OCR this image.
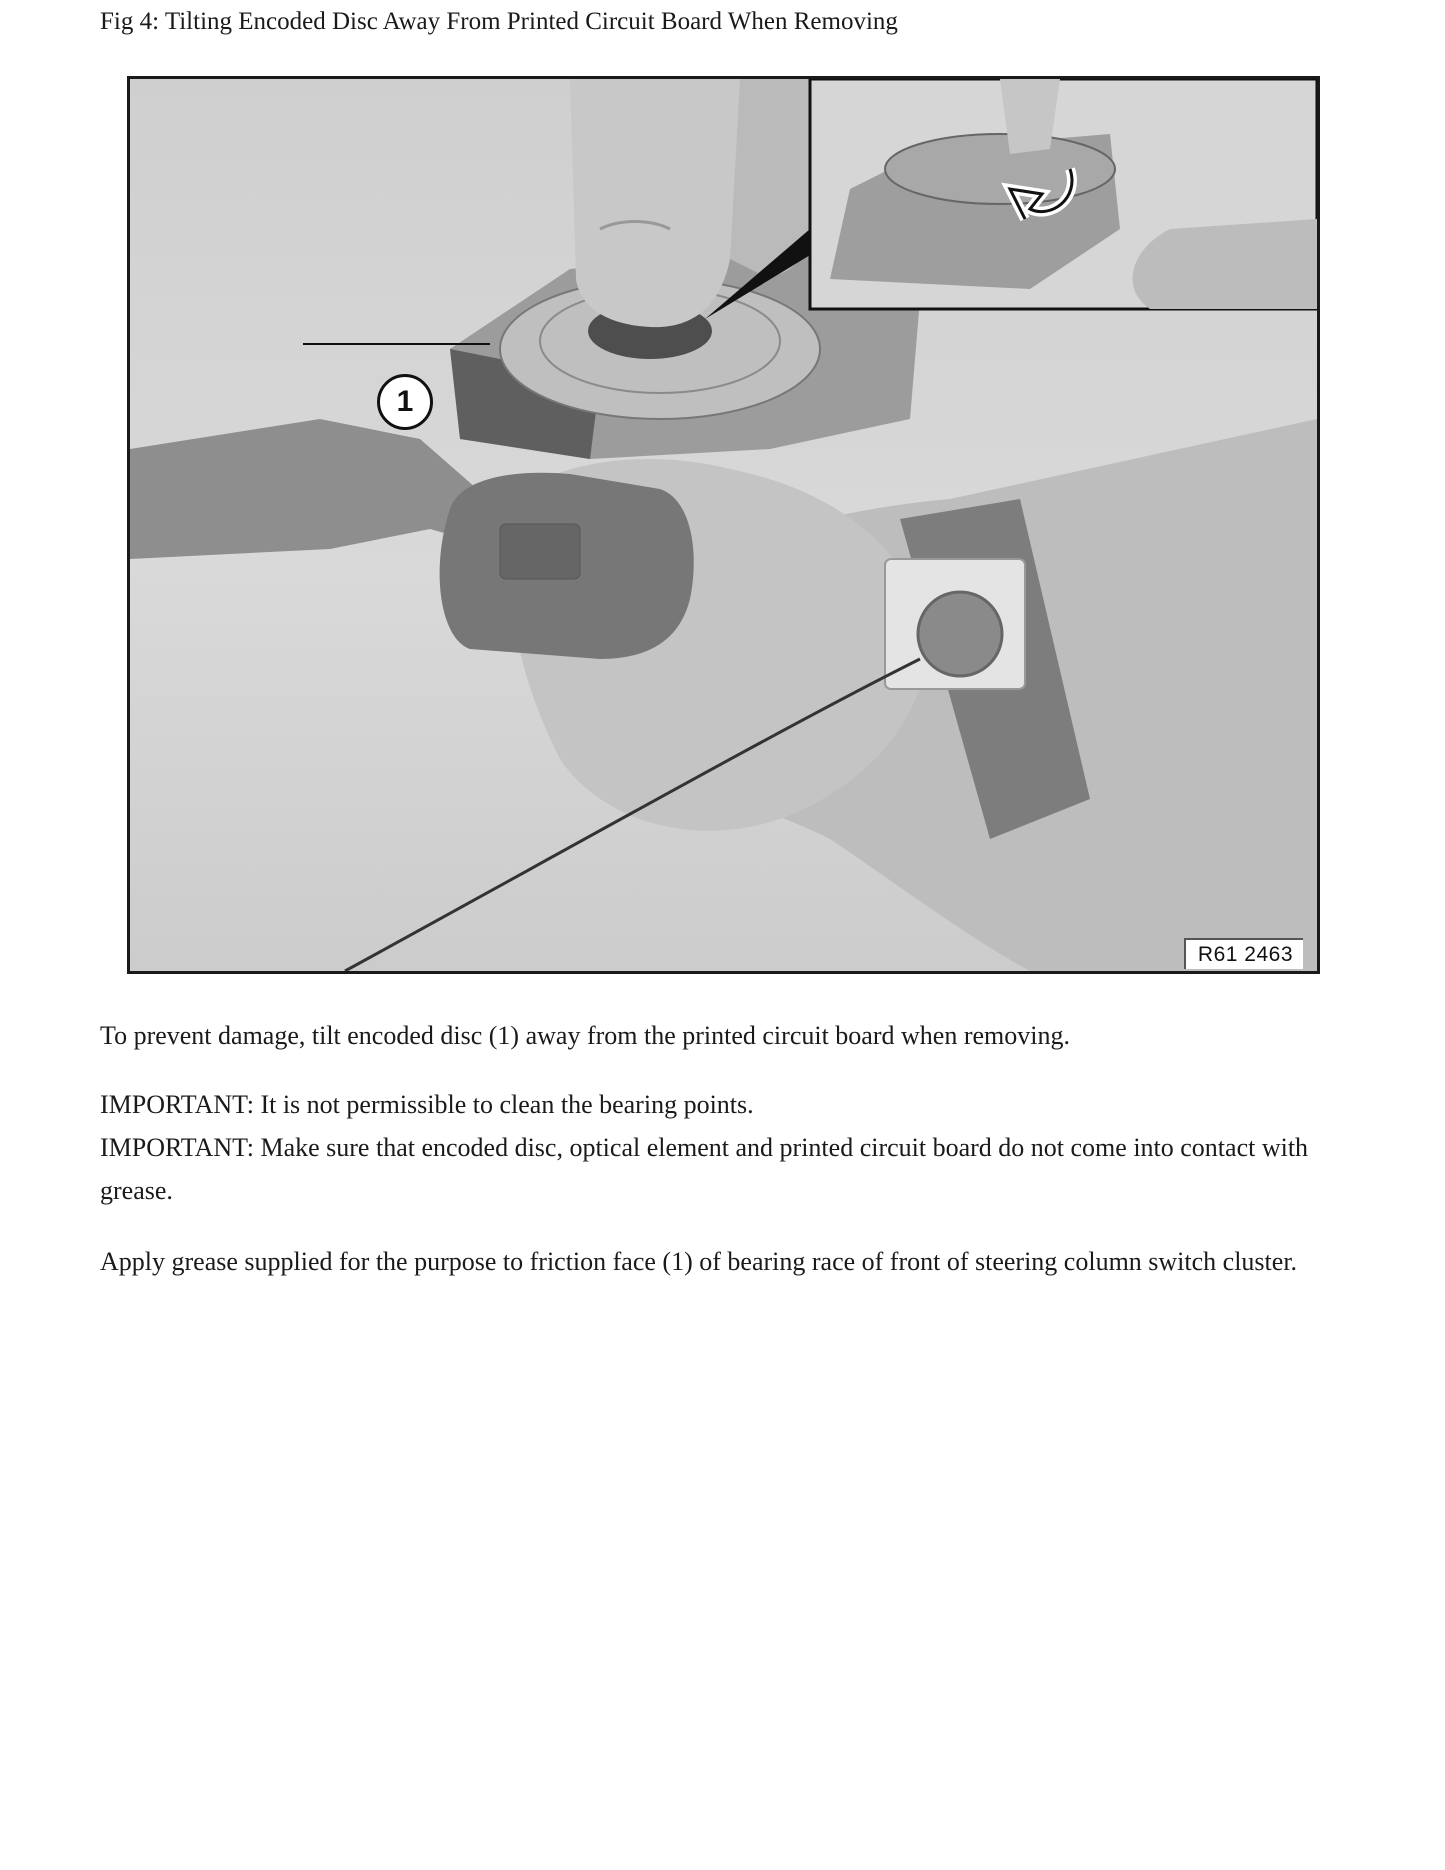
Fig 4: Tilting Encoded Disc Away From Printed Circuit Board When Removing
1
R61 2463

To prevent damage, tilt encoded disc (1) away from the printed circuit board when removing.

IMPORTANT: It is not permissible to clean the bearing points.

IMPORTANT: Make sure that encoded disc, optical element and printed circuit board do not come into contact with grease.

Apply grease supplied for the purpose to friction face (1) of bearing race of front of steering column switch cluster.
